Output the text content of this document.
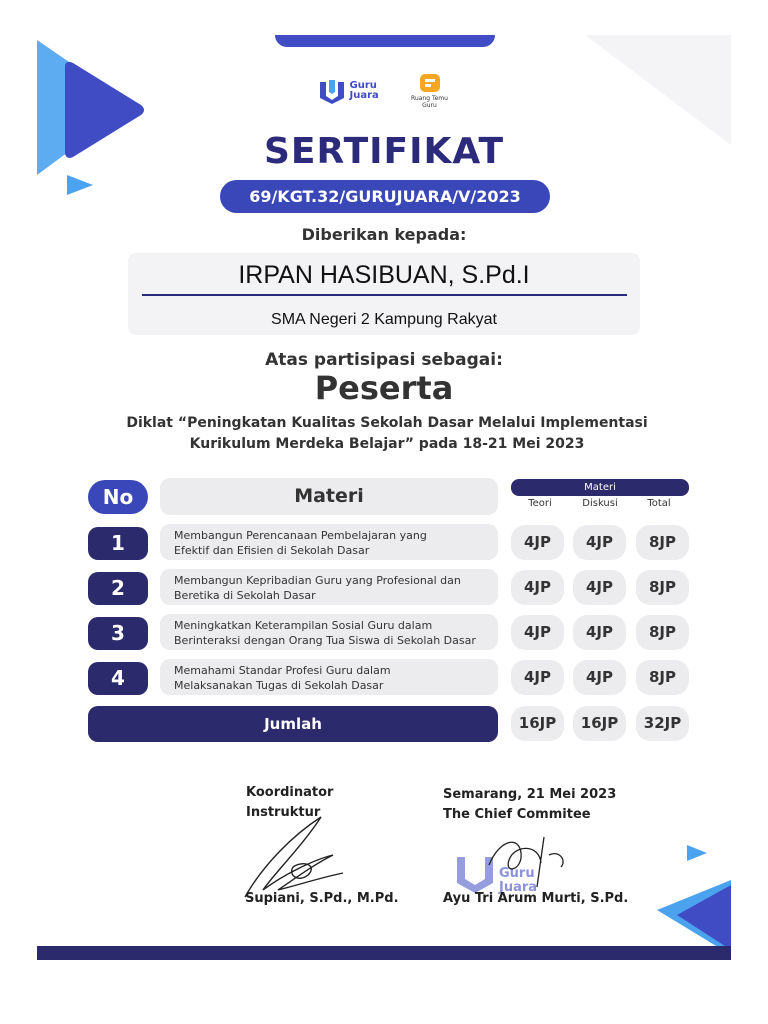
Guru Juara	Ruang Temu Guru
SERTIFIKAT
69/KGT.32/GURUJUARA/V/2023
Diberikan kepada:
IRPAN HASIBUAN, S.Pd.I
SMA Negeri 2 Kampung Rakyat
Atas partisipasi sebagai:
Peserta
Diklat “Peningkatan Kualitas Sekolah Dasar Melalui Implementasi
Kurikulum Merdeka Belajar” pada 18-21 Mei 2023
No	Materi	Materi
Teori	Diskusi	Total
1	Membangun Perencanaan Pembelajaran yang
Efektif dan Efisien di Sekolah Dasar	4JP	4JP	8JP
2	Membangun Kepribadian Guru yang Profesional dan
Beretika di Sekolah Dasar	4JP	4JP	8JP
3	Meningkatkan Keterampilan Sosial Guru dalam
Berinteraksi dengan Orang Tua Siswa di Sekolah Dasar	4JP	4JP	8JP
4	Memahami Standar Profesi Guru dalam
Melaksanakan Tugas di Sekolah Dasar	4JP	4JP	8JP
Jumlah	16JP	16JP	32JP
Koordinator
Instruktur
Supiani, S.Pd., M.Pd.
Semarang, 21 Mei 2023
The Chief Commitee
Guru
Juara
Ayu Tri Arum Murti, S.Pd.
